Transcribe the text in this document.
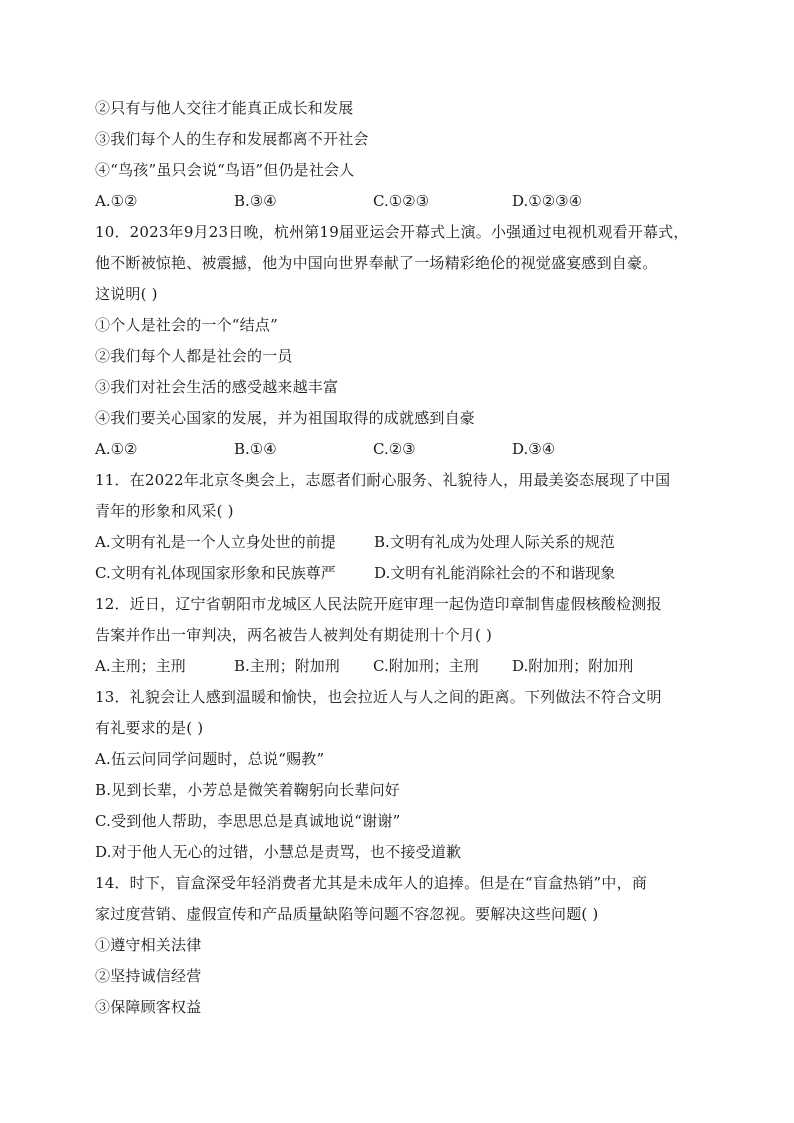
②只有与他人交往才能真正成长和发展
③我们每个人的生存和发展都离不开社会
④“鸟孩”虽只会说“鸟语”但仍是社会人
A.①②	B.③④	C.①②③	D.①②③④
10．2023年9月23日晚，杭州第19届亚运会开幕式上演。小强通过电视机观看开幕式，
他不断被惊艳、被震撼，他为中国向世界奉献了一场精彩绝伦的视觉盛宴感到自豪。
这说明( )
①个人是社会的一个“结点”
②我们每个人都是社会的一员
③我们对社会生活的感受越来越丰富
④我们要关心国家的发展，并为祖国取得的成就感到自豪
A.①②	B.①④	C.②③	D.③④
11．在2022年北京冬奥会上，志愿者们耐心服务、礼貌待人，用最美姿态展现了中国
青年的形象和风采( )
A.文明有礼是一个人立身处世的前提	B.文明有礼成为处理人际关系的规范
C.文明有礼体现国家形象和民族尊严	D.文明有礼能消除社会的不和谐现象
12．近日，辽宁省朝阳市龙城区人民法院开庭审理一起伪造印章制售虚假核酸检测报
告案并作出一审判决，两名被告人被判处有期徒刑十个月( )
A.主刑；主刑	B.主刑；附加刑	C.附加刑；主刑	D.附加刑；附加刑
13．礼貌会让人感到温暖和愉快，也会拉近人与人之间的距离。下列做法不符合文明
有礼要求的是( )
A.伍云问同学问题时，总说“赐教”
B.见到长辈，小芳总是微笑着鞠躬向长辈问好
C.受到他人帮助，李思思总是真诚地说“谢谢”
D.对于他人无心的过错，小慧总是责骂，也不接受道歉
14．时下，盲盒深受年轻消费者尤其是未成年人的追捧。但是在“盲盒热销”中，商
家过度营销、虚假宣传和产品质量缺陷等问题不容忽视。要解决这些问题( )
①遵守相关法律
②坚持诚信经营
③保障顾客权益
